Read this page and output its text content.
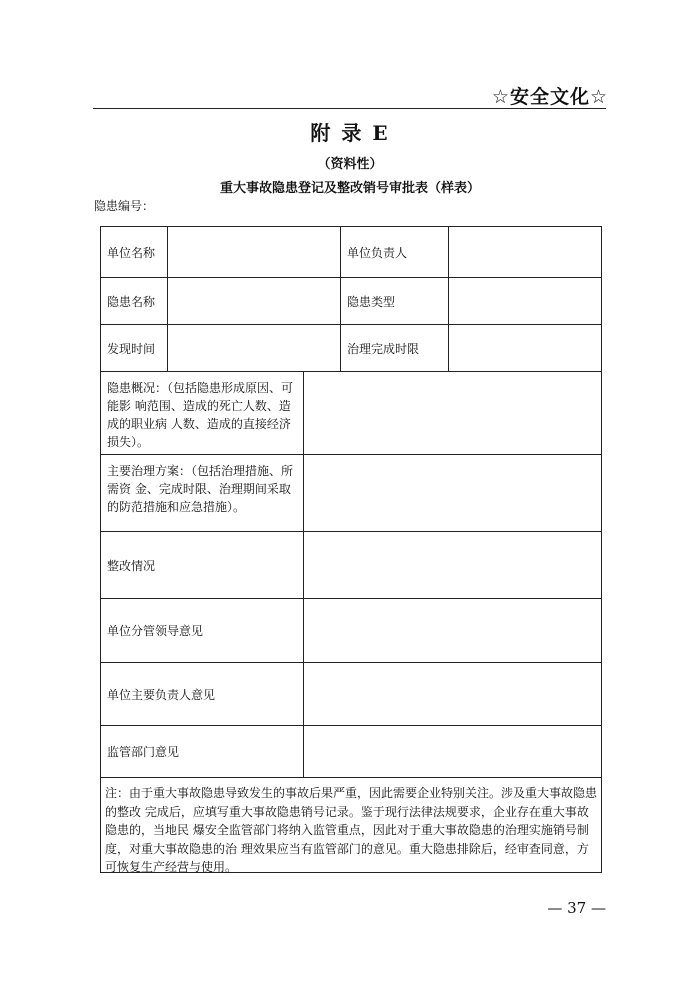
☆安全文化☆
附 录 E
（资料性）
重大事故隐患登记及整改销号审批表（样表）
隐患编号：
单位名称	单位负责人
隐患名称	隐患类型
发现时间	治理完成时限
隐患概况：（包括隐患形成原因、可能影 响范围、造成的死亡人数、造成的职业病 人数、造成的直接经济损失）。
主要治理方案：（包括治理措施、所需资 金、完成时限、治理期间采取的防范措施和应急措施）。
整改情况
单位分管领导意见
单位主要负责人意见
监管部门意见
注：由于重大事故隐患导致发生的事故后果严重，因此需要企业特别关注。涉及重大事故隐患的整改 完成后，应填写重大事故隐患销号记录。鉴于现行法律法规要求，企业存在重大事故隐患的，当地民 爆安全监管部门将纳入监管重点，因此对于重大事故隐患的治理实施销号制度，对重大事故隐患的治 理效果应当有监管部门的意见。重大隐患排除后，经审查同意，方可恢复生产经营与使用。
— 37 —
